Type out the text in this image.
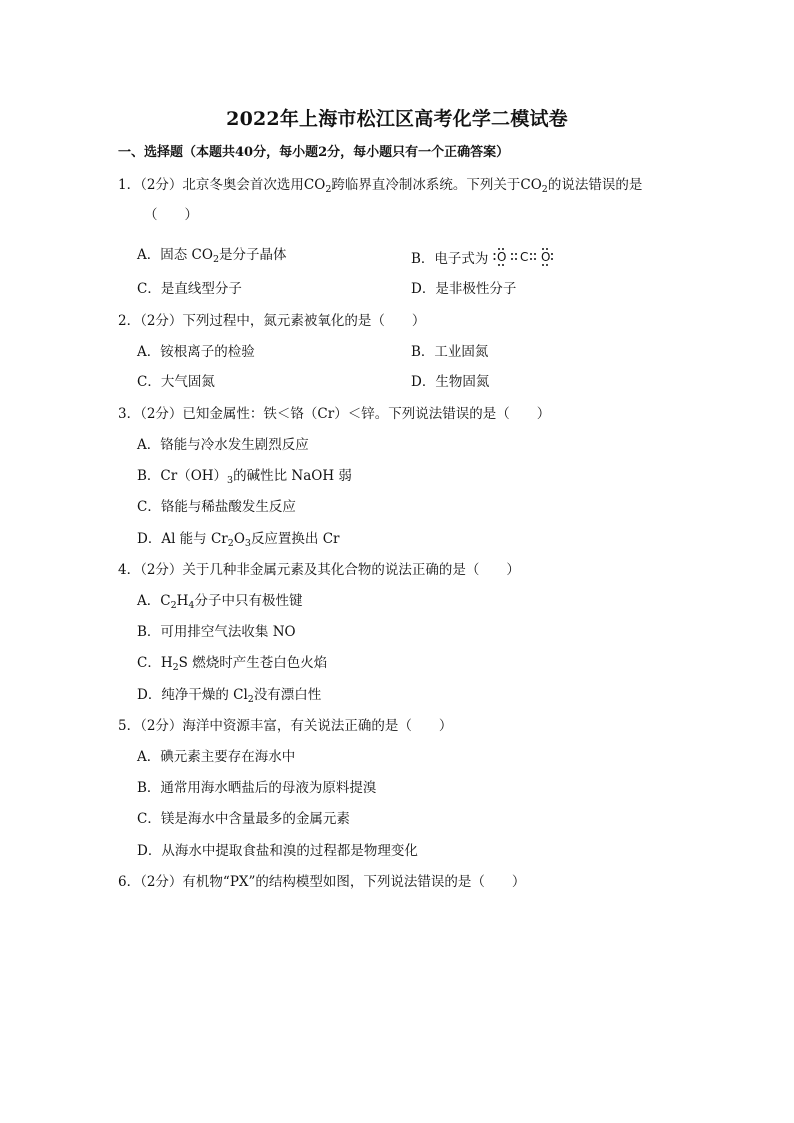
2022年上海市松江区高考化学二模试卷
一、选择题（本题共40分，每小题2分，每小题只有一个正确答案）
1．（2分）北京冬奥会首次选用$CO_2$跨临界直冷制冰系统。下列关于$CO_2$的说法错误的是
（　　）
A．固态 $CO_2$是分子晶体	B．电子式为 O C O
C．是直线型分子	D．是非极性分子
2．（2分）下列过程中，氮元素被氧化的是（　　）
A．铵根离子的检验	B．工业固氮
C．大气固氮	D．生物固氮
3．（2分）已知金属性：铁＜铬（Cr）＜锌。下列说法错误的是（　　）
A．铬能与冷水发生剧烈反应
B．$Cr(OH)_3$的碱性比 NaOH 弱
C．铬能与稀盐酸发生反应
D．Al 能与 $Cr_2O_3$反应置换出 Cr
4．（2分）关于几种非金属元素及其化合物的说法正确的是（　　）
A．$C_2H_4$分子中只有极性键
B．可用排空气法收集 NO
C．$H_2S$ 燃烧时产生苍白色火焰
D．纯净干燥的 $Cl_2$没有漂白性
5．（2分）海洋中资源丰富，有关说法正确的是（　　）
A．碘元素主要存在海水中
B．通常用海水晒盐后的母液为原料提溴
C．镁是海水中含量最多的金属元素
D．从海水中提取食盐和溴的过程都是物理变化
6．（2分）有机物“PX”的结构模型如图，下列说法错误的是（　　）
